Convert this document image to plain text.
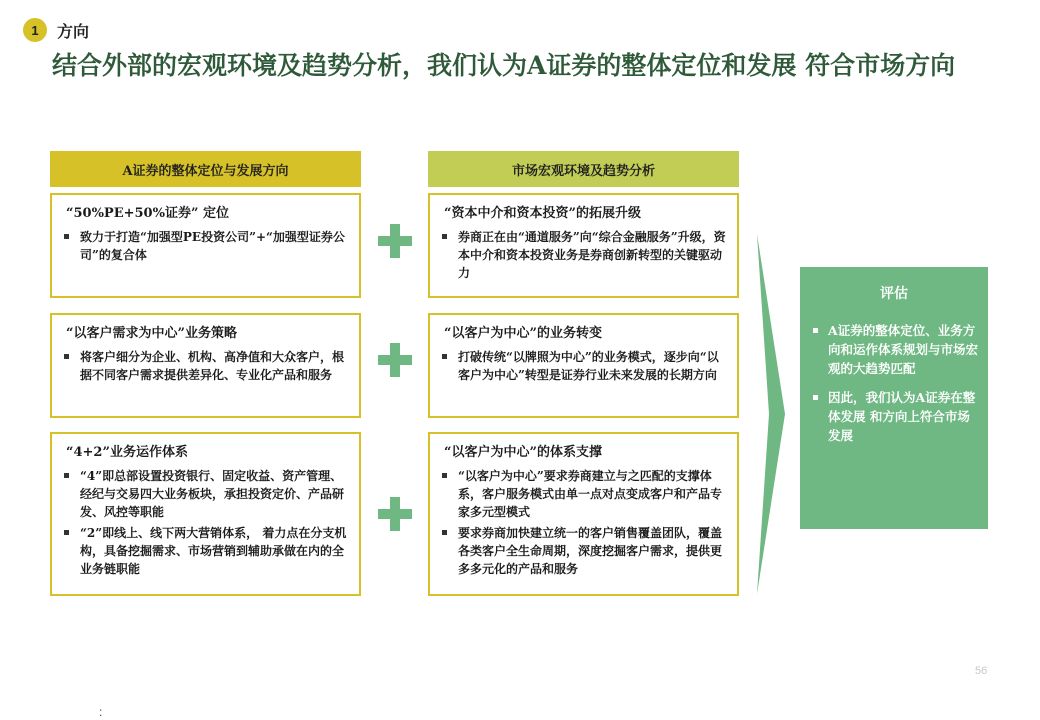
1	方向
结合外部的宏观环境及趋势分析，我们认为A证券的整体定位和发展 符合市场方向
A证券的整体定位与发展方向	市场宏观环境及趋势分析
“50%PE+50%证券” 定位
致力于打造“加强型PE投资公司”+“加强型证券公司”的复合体
“以客户需求为中心”业务策略
将客户细分为企业、机构、高净值和大众客户，根据不同客户需求提供差异化、专业化产品和服务
“4+2”业务运作体系
“4”即总部设置投资银行、固定收益、资产管理、经纪与交易四大业务板块，承担投资定价、产品研发、风控等职能
“2”即线上、线下两大营销体系， 着力点在分支机构，具备挖掘需求、市场营销到辅助承做在内的全业务链职能
“资本中介和资本投资”的拓展升级
券商正在由“通道服务”向“综合金融服务”升级，资本中介和资本投资业务是券商创新转型的关键驱动力
“以客户为中心”的业务转变
打破传统“以牌照为中心”的业务模式，逐步向“以客户为中心”转型是证券行业未来发展的长期方向
“以客户为中心”的体系支撑
“以客户为中心”要求券商建立与之匹配的支撑体系，客户服务模式由单一点对点变成客户和产品专家多元型模式
要求券商加快建立统一的客户销售覆盖团队，覆盖各类客户全生命周期，深度挖掘客户需求，提供更多多元化的产品和服务
评估
A证券的整体定位、业务方向和运作体系规划与市场宏观的大趋势匹配
因此，我们认为A证券在整体发展 和方向上符合市场发展
56
:
